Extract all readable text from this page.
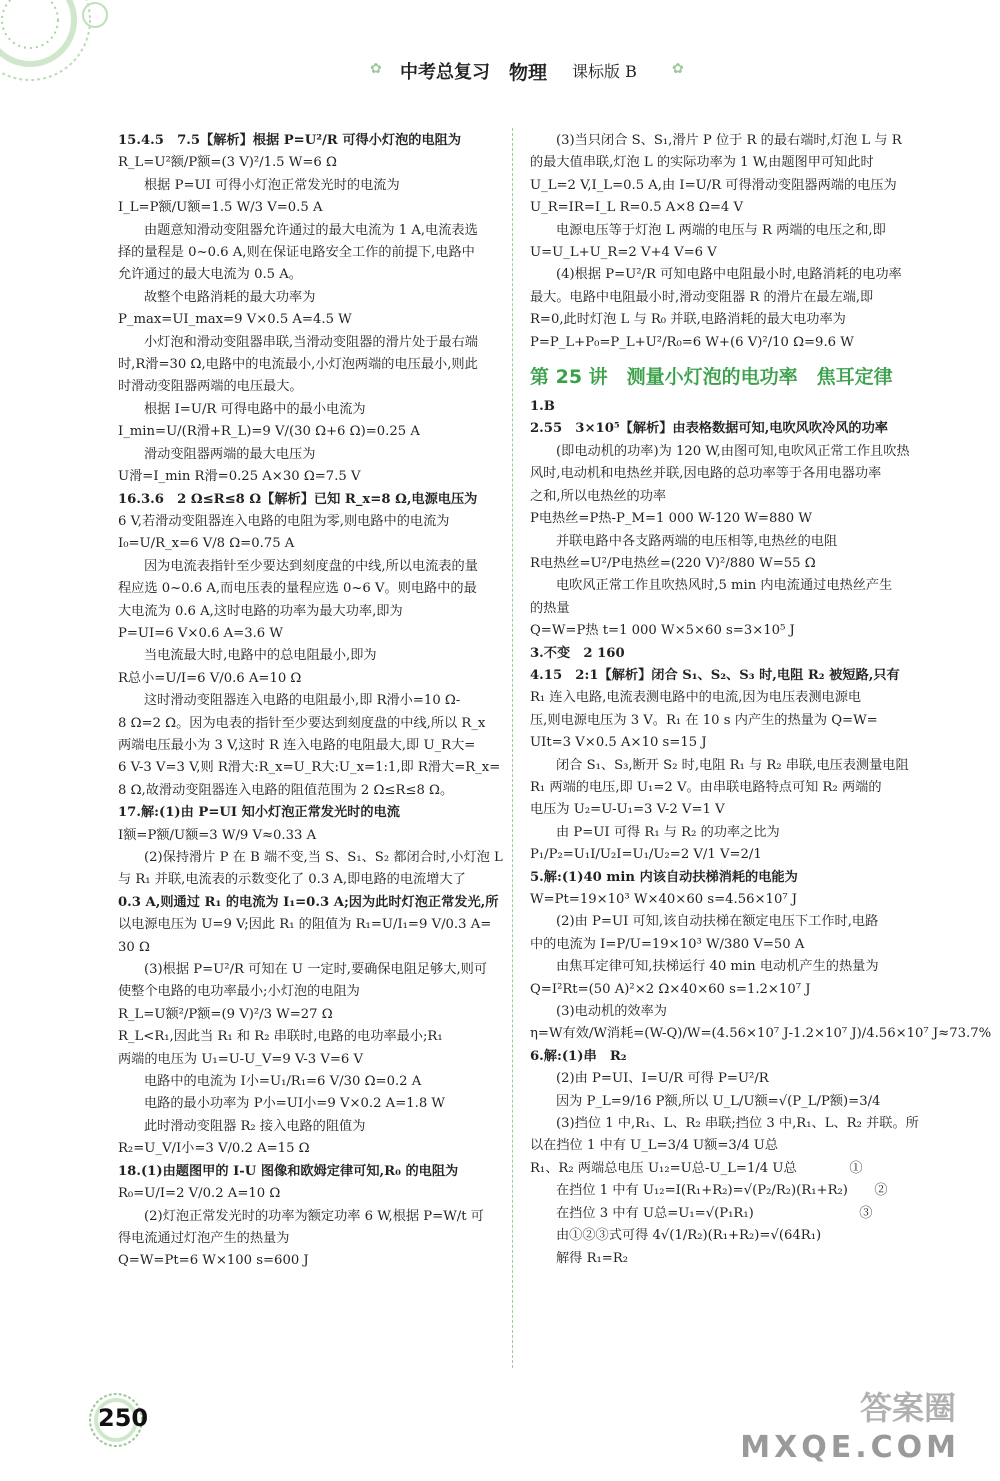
✿ 中考总复习 物理 课标版 B	✿
15.4.5　7.5【解析】根据 P=U²/R 可得小灯泡的电阻为
R_L=U²额/P额=(3 V)²/1.5 W=6 Ω
根据 P=UI 可得小灯泡正常发光时的电流为
I_L=P额/U额=1.5 W/3 V=0.5 A
由题意知滑动变阻器允许通过的最大电流为 1 A,电流表选
择的量程是 0~0.6 A,则在保证电路安全工作的前提下,电路中
允许通过的最大电流为 0.5 A。
故整个电路消耗的最大功率为
P_max=UI_max=9 V×0.5 A=4.5 W
小灯泡和滑动变阻器串联,当滑动变阻器的滑片处于最右端
时,R滑=30 Ω,电路中的电流最小,小灯泡两端的电压最小,则此
时滑动变阻器两端的电压最大。
根据 I=U/R 可得电路中的最小电流为
I_min=U/(R滑+R_L)=9 V/(30 Ω+6 Ω)=0.25 A
滑动变阻器两端的最大电压为
U滑=I_min R滑=0.25 A×30 Ω=7.5 V
16.3.6　2 Ω≤R≤8 Ω【解析】已知 R_x=8 Ω,电源电压为
6 V,若滑动变阻器连入电路的电阻为零,则电路中的电流为
I₀=U/R_x=6 V/8 Ω=0.75 A
因为电流表指针至少要达到刻度盘的中线,所以电流表的量
程应选 0~0.6 A,而电压表的量程应选 0~6 V。则电路中的最
大电流为 0.6 A,这时电路的功率为最大功率,即为
P=UI=6 V×0.6 A=3.6 W
当电流最大时,电路中的总电阻最小,即为
R总小=U/I=6 V/0.6 A=10 Ω
这时滑动变阻器连入电路的电阻最小,即 R滑小=10 Ω-
8 Ω=2 Ω。因为电表的指针至少要达到刻度盘的中线,所以 R_x
两端电压最小为 3 V,这时 R 连入电路的电阻最大,即 U_R大=
6 V-3 V=3 V,则 R滑大:R_x=U_R大:U_x=1:1,即 R滑大=R_x=
8 Ω,故滑动变阻器连入电路的阻值范围为 2 Ω≤R≤8 Ω。
17.解:(1)由 P=UI 知小灯泡正常发光时的电流
I额=P额/U额=3 W/9 V≈0.33 A
(2)保持滑片 P 在 B 端不变,当 S、S₁、S₂ 都闭合时,小灯泡 L
与 R₁ 并联,电流表的示数变化了 0.3 A,即电路的电流增大了
0.3 A,则通过 R₁ 的电流为 I₁=0.3 A;因为此时灯泡正常发光,所
以电源电压为 U=9 V;因此 R₁ 的阻值为 R₁=U/I₁=9 V/0.3 A=
30 Ω
(3)根据 P=U²/R 可知在 U 一定时,要确保电阻足够大,则可
使整个电路的电功率最小;小灯泡的电阻为
R_L=U额²/P额=(9 V)²/3 W=27 Ω
R_L<R₁,因此当 R₁ 和 R₂ 串联时,电路的电功率最小;R₁
两端的电压为 U₁=U-U_V=9 V-3 V=6 V
电路中的电流为 I小=U₁/R₁=6 V/30 Ω=0.2 A
电路的最小功率为 P小=UI小=9 V×0.2 A=1.8 W
此时滑动变阻器 R₂ 接入电路的阻值为
R₂=U_V/I小=3 V/0.2 A=15 Ω
18.(1)由题图甲的 I-U 图像和欧姆定律可知,R₀ 的电阻为
R₀=U/I=2 V/0.2 A=10 Ω
(2)灯泡正常发光时的功率为额定功率 6 W,根据 P=W/t 可
得电流通过灯泡产生的热量为
Q=W=Pt=6 W×100 s=600 J
(3)当只闭合 S、S₁,滑片 P 位于 R 的最右端时,灯泡 L 与 R
的最大值串联,灯泡 L 的实际功率为 1 W,由题图甲可知此时
U_L=2 V,I_L=0.5 A,由 I=U/R 可得滑动变阻器两端的电压为
U_R=IR=I_L R=0.5 A×8 Ω=4 V
电源电压等于灯泡 L 两端的电压与 R 两端的电压之和,即
U=U_L+U_R=2 V+4 V=6 V
(4)根据 P=U²/R 可知电路中电阻最小时,电路消耗的电功率
最大。电路中电阻最小时,滑动变阻器 R 的滑片在最左端,即
R=0,此时灯泡 L 与 R₀ 并联,电路消耗的最大电功率为
P=P_L+P₀=P_L+U²/R₀=6 W+(6 V)²/10 Ω=9.6 W
第 25 讲　测量小灯泡的电功率　焦耳定律
1.B
2.55　3×10⁵【解析】由表格数据可知,电吹风吹冷风的功率
(即电动机的功率)为 120 W,由图可知,电吹风正常工作且吹热
风时,电动机和电热丝并联,因电路的总功率等于各用电器功率
之和,所以电热丝的功率
P电热丝=P热-P_M=1 000 W-120 W=880 W
并联电路中各支路两端的电压相等,电热丝的电阻
R电热丝=U²/P电热丝=(220 V)²/880 W=55 Ω
电吹风正常工作且吹热风时,5 min 内电流通过电热丝产生
的热量
Q=W=P热 t=1 000 W×5×60 s=3×10⁵ J
3.不变　2 160
4.15　2:1【解析】闭合 S₁、S₂、S₃ 时,电阻 R₂ 被短路,只有
R₁ 连入电路,电流表测电路中的电流,因为电压表测电源电
压,则电源电压为 3 V。R₁ 在 10 s 内产生的热量为 Q=W=
UIt=3 V×0.5 A×10 s=15 J
闭合 S₁、S₃,断开 S₂ 时,电阻 R₁ 与 R₂ 串联,电压表测量电阻
R₁ 两端的电压,即 U₁=2 V。由串联电路特点可知 R₂ 两端的
电压为 U₂=U-U₁=3 V-2 V=1 V
由 P=UI 可得 R₁ 与 R₂ 的功率之比为
P₁/P₂=U₁I/U₂I=U₁/U₂=2 V/1 V=2/1
5.解:(1)40 min 内该自动扶梯消耗的电能为
W=Pt=19×10³ W×40×60 s=4.56×10⁷ J
(2)由 P=UI 可知,该自动扶梯在额定电压下工作时,电路
中的电流为 I=P/U=19×10³ W/380 V=50 A
由焦耳定律可知,扶梯运行 40 min 电动机产生的热量为
Q=I²Rt=(50 A)²×2 Ω×40×60 s=1.2×10⁷ J
(3)电动机的效率为
η=W有效/W消耗=(W-Q)/W=(4.56×10⁷ J-1.2×10⁷ J)/4.56×10⁷ J≈73.7%
6.解:(1)串　R₂
(2)由 P=UI、I=U/R 可得 P=U²/R
因为 P_L=9/16 P额,所以 U_L/U额=√(P_L/P额)=3/4
(3)挡位 1 中,R₁、L、R₂ 串联;挡位 3 中,R₁、L、R₂ 并联。所
以在挡位 1 中有 U_L=3/4 U额=3/4 U总
R₁、R₂ 两端总电压 U₁₂=U总-U_L=1/4 U总　　　　①
在挡位 1 中有 U₁₂=I(R₁+R₂)=√(P₂/R₂)(R₁+R₂)　　②
在挡位 3 中有 U总=U₁=√(P₁R₁)　　　　　　　　③
由①②③式可得 4√(1/R₂)(R₁+R₂)=√(64R₁)
解得 R₁=R₂
250	答案圈
MXQE.COM
